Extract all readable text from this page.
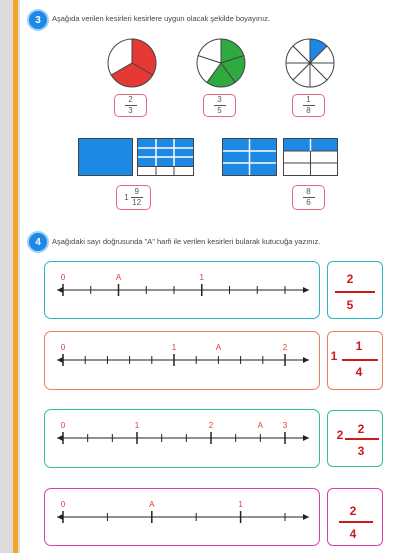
3	Aşağıda verilen kesirleri kesirlere uygun olacak şekilde boyayınız.
$\frac{2}{3}$	$\frac{3}{5}$	$\frac{1}{8}$
$1 \frac{9}{12}$	$\frac{8}{6}$
4	Aşağıdaki sayı doğrusunda "A" harfi ile verilen kesirleri bularak kutucuğa yazınız.
0	A	1	2
5
0	1	A	2
1
1
4
0	1	2	A 3
2 2
3
0	A	1	2
4
